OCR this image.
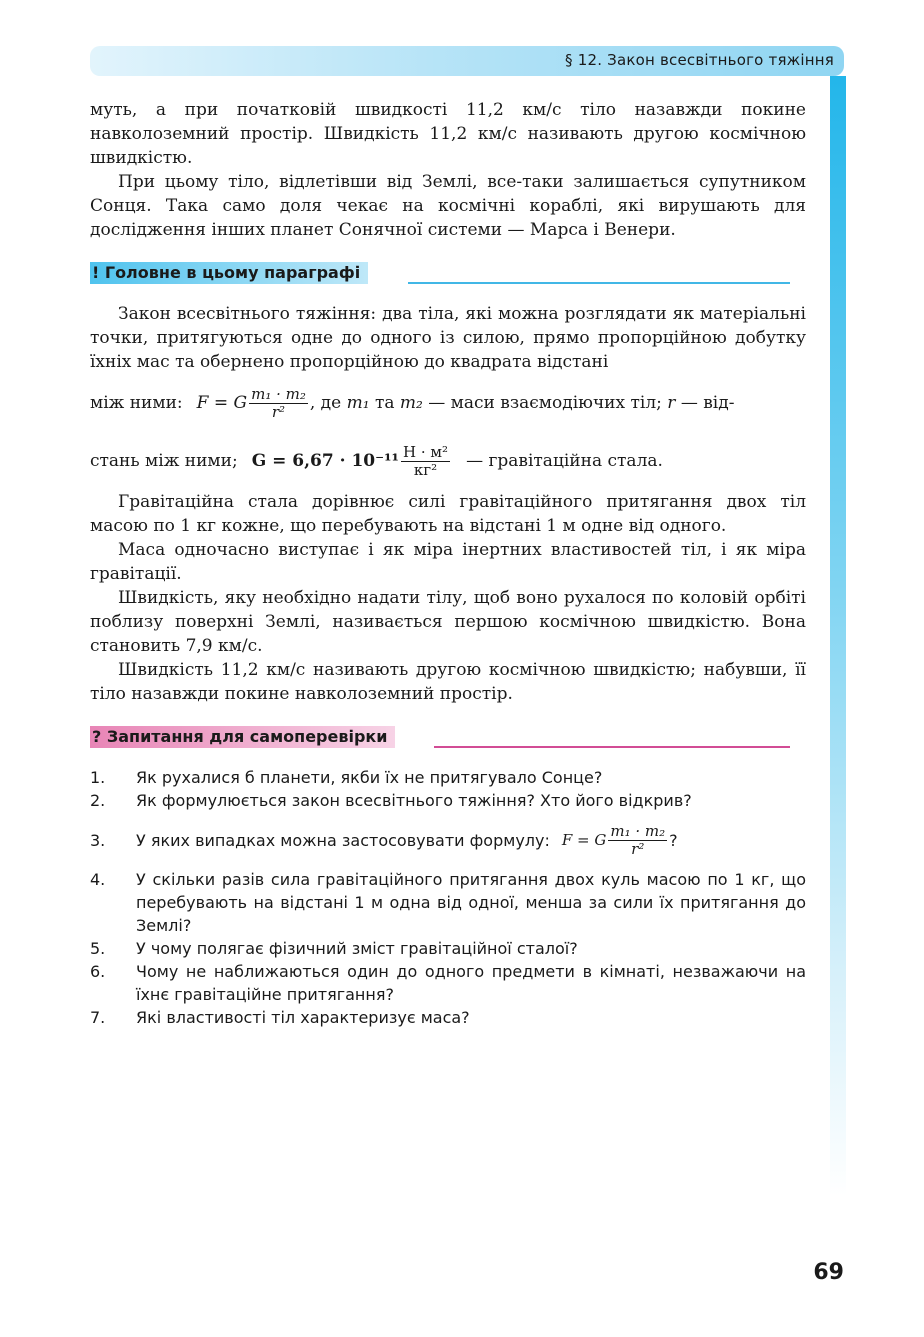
§ 12. Закон всесвітнього тяжіння

муть, а при початковій швидкості 11,2 км/с тіло назавжди покине навколоземний простір. Швидкість 11,2 км/с називають другою космічною швидкістю.

При цьому тіло, відлетівши від Землі, все-таки залишається супутником Сонця. Така само доля чекає на космічні кораблі, які вирушають для дослідження інших планет Сонячної системи — Марса і Венери.

! Головне в цьому параграфі

Закон всесвітнього тяжіння: два тіла, які можна розглядати як матеріальні точки, притягуються одне до одного із силою, прямо пропорційною добутку їхніх мас та обернено пропорційною до квадрата відстані

між ними: F = G $\frac{\text{m₁ · m₂}}{\text{r²}}$ , де
m₁
та
m₂
— маси взаємодіючих тіл;
r
— від-
стань між ними; $G = 6,67 \cdot 10^{-11} \frac{\text{Н · м²}}{\text{кг²}}$ — гравітаційна стала.

Гравітаційна стала дорівнює силі гравітаційного притягання двох тіл масою по 1 кг кожне, що перебувають на відстані 1 м одне від одного.

Маса одночасно виступає і як міра інертних властивостей тіл, і як міра гравітації.

Швидкість, яку необхідно надати тілу, щоб воно рухалося по коловій орбіті поблизу поверхні Землі, називається першою космічною швидкістю. Вона становить 7,9 км/с.

Швидкість 11,2 км/с називають другою космічною швидкістю; набувши, її тіло назавжди покине навколоземний простір.

? Запитання для самоперевірки
1.	Як рухалися б планети, якби їх не притягувало Сонце?
2.	Як формулюється закон всесвітнього тяжіння? Хто його відкрив?
3.	У яких випадках можна застосовувати формулу: F = G $\frac{\text{m₁ · m₂}}{\text{r²}}$ ?
4.	У скільки разів сила гравітаційного притягання двох куль масою по 1 кг, що перебувають на відстані 1 м одна від одної, менша за сили їх притягання до Землі?
5.	У чому полягає фізичний зміст гравітаційної сталої?
6.	Чому не наближаються один до одного предмети в кімнаті, незважаючи на їхнє гравітаційне притягання?
7.	Які властивості тіл характеризує маса?
69
